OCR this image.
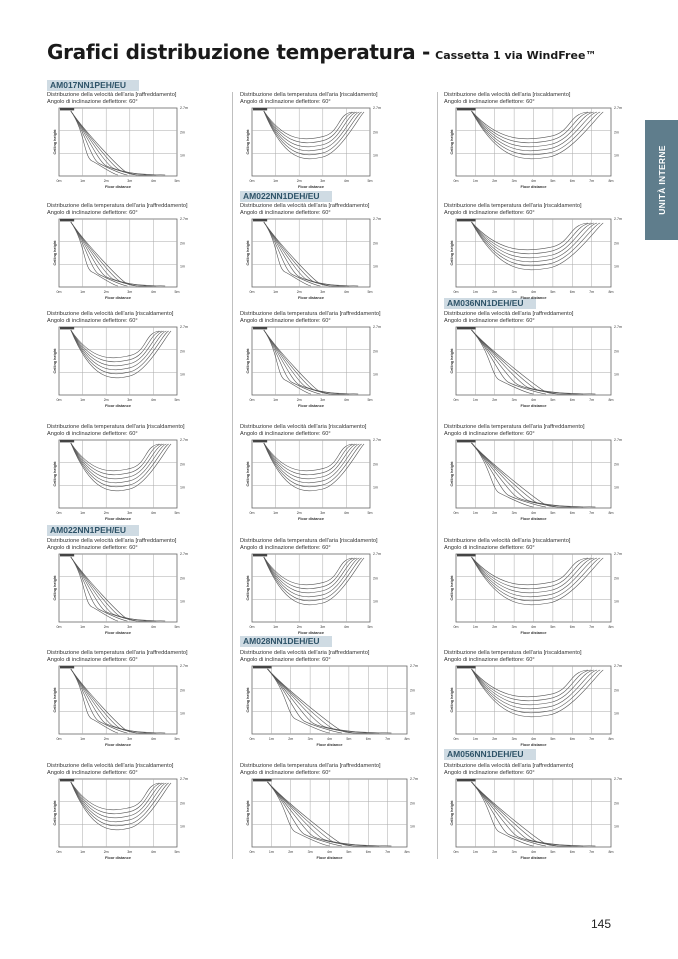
Grafici distribuzione temperatura - Cassetta 1 via WindFree™
UNITÀ INTERNE
AM017NN1PEH/EU
AM022NN1DEH/EU
AM036NN1DEH/EU
AM022NN1PEH/EU
AM028NN1DEH/EU
AM056NN1DEH/EU
Distribuzione della velocità dell'aria [raffreddamento]
Angolo di inclinazione deflettore: 60°
2.7m
2m
1m
0m	1m	2m	3m	4m	5m
Floor distance
Ceiling height
Distribuzione della temperatura dell'aria [raffreddamento]
Angolo di inclinazione deflettore: 60°
2.7m
2m
1m
0m	1m	2m	3m	4m	5m
Floor distance
Ceiling height
Distribuzione della velocità dell'aria [riscaldamento]
Angolo di inclinazione deflettore: 60°
2.7m
2m
1m
0m	1m	2m	3m	4m	5m
Floor distance
Ceiling height
Distribuzione della temperatura dell'aria [riscaldamento]
Angolo di inclinazione deflettore: 60°
2.7m
2m
1m
0m	1m	2m	3m	4m	5m
Floor distance
Ceiling height
Distribuzione della velocità dell'aria [raffreddamento]
Angolo di inclinazione deflettore: 60°
2.7m
2m
1m
0m	1m	2m	3m	4m	5m
Floor distance
Ceiling height
Distribuzione della temperatura dell'aria [raffreddamento]
Angolo di inclinazione deflettore: 60°
2.7m
2m
1m
0m	1m	2m	3m	4m	5m
Floor distance
Ceiling height
Distribuzione della velocità dell'aria [riscaldamento]
Angolo di inclinazione deflettore: 60°
2.7m
2m
1m
0m	1m	2m	3m	4m	5m
Floor distance
Ceiling height
Distribuzione della temperatura dell'aria [riscaldamento]
Angolo di inclinazione deflettore: 60°
2.7m
2m
1m
0m	1m	2m	3m	4m	5m
Floor distance
Ceiling height
Distribuzione della velocità dell'aria [raffreddamento]
Angolo di inclinazione deflettore: 60°
2.7m
2m
1m
0m	1m	2m	3m	4m	5m
Floor distance
Ceiling height
Distribuzione della temperatura dell'aria [raffreddamento]
Angolo di inclinazione deflettore: 60°
2.7m
2m
1m
0m	1m	2m	3m	4m	5m
Floor distance
Ceiling height
Distribuzione della velocità dell'aria [riscaldamento]
Angolo di inclinazione deflettore: 60°
2.7m
2m
1m
0m	1m	2m	3m	4m	5m
Floor distance
Ceiling height
Distribuzione della temperatura dell'aria [riscaldamento]
Angolo di inclinazione deflettore: 60°
2.7m
2m
1m
0m	1m	2m	3m	4m	5m
Floor distance
Ceiling height
Distribuzione della velocità dell'aria [raffreddamento]
Angolo di inclinazione deflettore: 60°
2.7m
2m
1m
0m	1m	2m	3m	4m	5m	6m	7m	8m
Floor distance
Ceiling height
Distribuzione della temperatura dell'aria [raffreddamento]
Angolo di inclinazione deflettore: 60°
2.7m
2m
1m
0m	1m	2m	3m	4m	5m	6m	7m	8m
Floor distance
Ceiling height
Distribuzione della velocità dell'aria [riscaldamento]
Angolo di inclinazione deflettore: 60°
2.7m
2m
1m
0m	1m	2m	3m	4m	5m	6m	7m	8m
Floor distance
Ceiling height
Distribuzione della temperatura dell'aria [riscaldamento]
Angolo di inclinazione deflettore: 60°
2.7m
2m
1m
0m	1m	2m	3m	4m	5m	6m	7m	8m
Floor distance
Ceiling height
Distribuzione della velocità dell'aria [raffreddamento]
Angolo di inclinazione deflettore: 60°
2.7m
2m
1m
0m	1m	2m	3m	4m	5m	6m	7m	8m
Floor distance
Ceiling height
Distribuzione della temperatura dell'aria [raffreddamento]
Angolo di inclinazione deflettore: 60°
2.7m
2m
1m
0m	1m	2m	3m	4m	5m	6m	7m	8m
Floor distance
Ceiling height
Distribuzione della velocità dell'aria [riscaldamento]
Angolo di inclinazione deflettore: 60°
2.7m
2m
1m
0m	1m	2m	3m	4m	5m	6m	7m	8m
Floor distance
Ceiling height
Distribuzione della temperatura dell'aria [riscaldamento]
Angolo di inclinazione deflettore: 60°
2.7m
2m
1m
0m	1m	2m	3m	4m	5m	6m	7m	8m
Floor distance
Ceiling height
Distribuzione della velocità dell'aria [raffreddamento]
Angolo di inclinazione deflettore: 60°
2.7m
2m
1m
0m	1m	2m	3m	4m	5m	6m	7m	8m
Floor distance
Ceiling height
145
